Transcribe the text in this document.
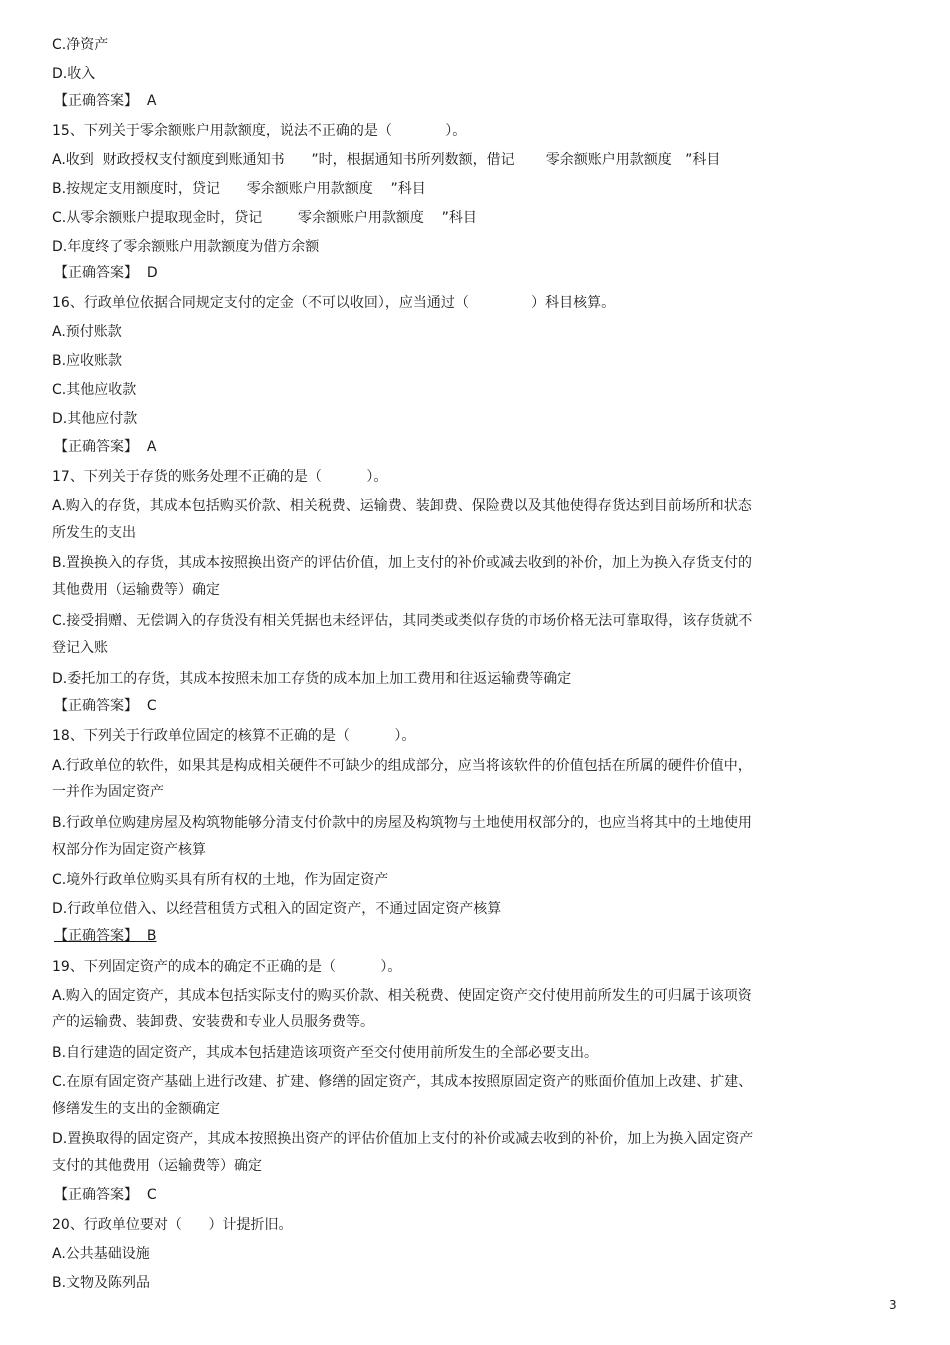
C.净资产
D.收入
【正确答案】  A
15、下列关于零余额账户用款额度，说法不正确的是（            ）。
A.收到  财政授权支付额度到账通知书      ”时，根据通知书所列数额，借记       零余额账户用款额度   ”科目
B.按规定支用额度时，贷记      零余额账户用款额度    ”科目
C.从零余额账户提取现金时，贷记        零余额账户用款额度    ”科目
D.年度终了零余额账户用款额度为借方余额
【正确答案】  D
16、行政单位依据合同规定支付的定金（不可以收回），应当通过（              ）科目核算。
A.预付账款
B.应收账款
C.其他应收款
D.其他应付款
【正确答案】  A
17、下列关于存货的账务处理不正确的是（          ）。
A.购入的存货，其成本包括购买价款、相关税费、运输费、装卸费、保险费以及其他使得存货达到目前场所和状态
所发生的支出
B.置换换入的存货，其成本按照换出资产的评估价值，加上支付的补价或减去收到的补价，加上为换入存货支付的
其他费用（运输费等）确定
C.接受捐赠、无偿调入的存货没有相关凭据也未经评估，其同类或类似存货的市场价格无法可靠取得，该存货就不
登记入账
D.委托加工的存货，其成本按照未加工存货的成本加上加工费用和往返运输费等确定
【正确答案】  C
18、下列关于行政单位固定的核算不正确的是（          ）。
A.行政单位的软件，如果其是构成相关硬件不可缺少的组成部分，应当将该软件的价值包括在所属的硬件价值中，
一并作为固定资产
B.行政单位购建房屋及构筑物能够分清支付价款中的房屋及构筑物与土地使用权部分的，也应当将其中的土地使用
权部分作为固定资产核算
C.境外行政单位购买具有所有权的土地，作为固定资产
D.行政单位借入、以经营租赁方式租入的固定资产，不通过固定资产核算
【正确答案】  B
19、下列固定资产的成本的确定不正确的是（          ）。
A.购入的固定资产，其成本包括实际支付的购买价款、相关税费、使固定资产交付使用前所发生的可归属于该项资
产的运输费、装卸费、安装费和专业人员服务费等。
B.自行建造的固定资产，其成本包括建造该项资产至交付使用前所发生的全部必要支出。
C.在原有固定资产基础上进行改建、扩建、修缮的固定资产，其成本按照原固定资产的账面价值加上改建、扩建、
修缮发生的支出的金额确定
D.置换取得的固定资产，其成本按照换出资产的评估价值加上支付的补价或减去收到的补价，加上为换入固定资产
支付的其他费用（运输费等）确定
【正确答案】  C
20、行政单位要对（      ）计提折旧。
A.公共基础设施
B.文物及陈列品
3
